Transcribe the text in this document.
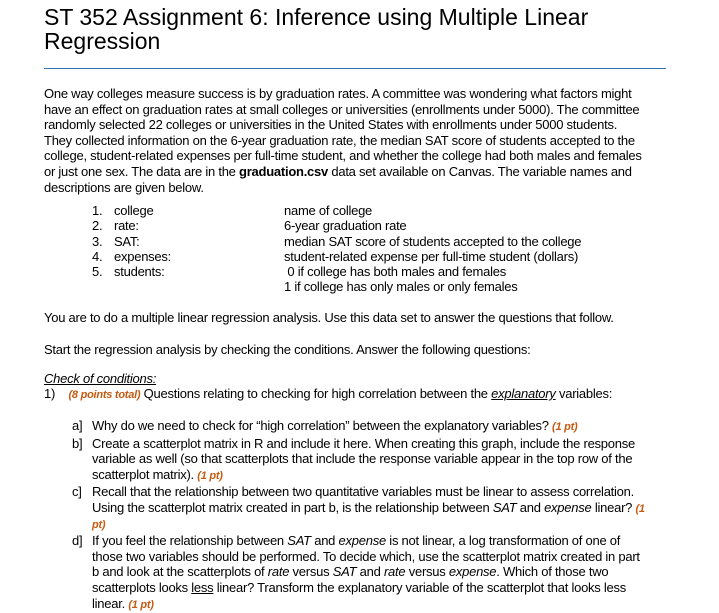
ST 352 Assignment 6: Inference using Multiple Linear
Regression
One way colleges measure success is by graduation rates. A committee was wondering what factors might
have an effect on graduation rates at small colleges or universities (enrollments under 5000). The committee
randomly selected 22 colleges or universities in the United States with enrollments under 5000 students.
They collected information on the 6-year graduation rate, the median SAT score of students accepted to the
college, student-related expenses per full-time student, and whether the college had both males and females
or just one sex. The data are in the graduation.csv data set available on Canvas. The variable names and
descriptions are given below.
1. college	name of college
2. rate:	6-year graduation rate
3. SAT:	median SAT score of students accepted to the college
4. expenses:	student-related expense per full-time student (dollars)
5. students:	0 if college has both males and females
1 if college has only males or only females
You are to do a multiple linear regression analysis. Use this data set to answer the questions that follow.
Start the regression analysis by checking the conditions. Answer the following questions:
Check of conditions:
1) (8 points total) Questions relating to checking for high correlation between the explanatory variables:
a] Why do we need to check for “high correlation” between the explanatory variables? (1 pt)
b] Create a scatterplot matrix in R and include it here. When creating this graph, include the response
variable as well (so that scatterplots that include the response variable appear in the top row of the
scatterplot matrix). (1 pt)
c] Recall that the relationship between two quantitative variables must be linear to assess correlation.
Using the scatterplot matrix created in part b, is the relationship between SAT and expense linear? (1
pt)
d] If you feel the relationship between SAT and expense is not linear, a log transformation of one of
those two variables should be performed. To decide which, use the scatterplot matrix created in part
b and look at the scatterplots of rate versus SAT and rate versus expense. Which of those two
scatterplots looks less linear? Transform the explanatory variable of the scatterplot that looks less
linear. (1 pt)
